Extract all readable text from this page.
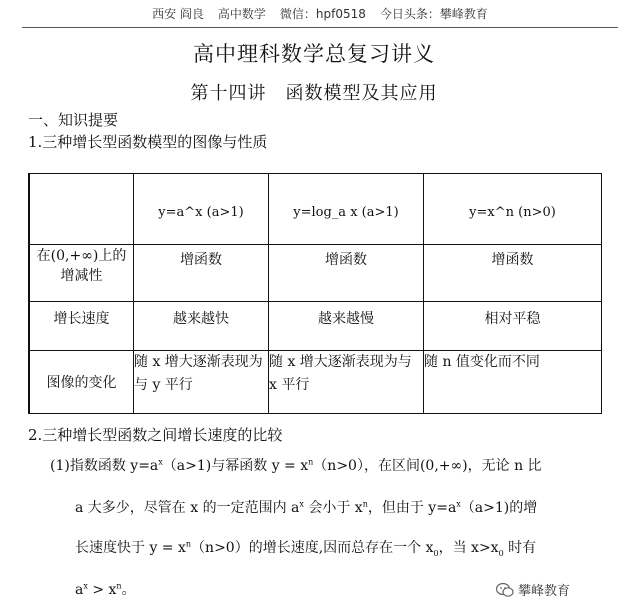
西安 阎良 高中数学 微信：hpf0518 今日头条：攀峰教育
高中理科数学总复习讲义
第十四讲　函数模型及其应用
一、知识提要
1.三种增长型函数模型的图像与性质
	y=a^x (a>1)	y=log_a x (a>1)	y=x^n (n>0)
在(0,+∞)上的增减性	增函数	增函数	增函数
增长速度	越来越快	越来越慢	相对平稳
图像的变化	随 x 增大逐渐表现为与 y 平行	随 x 增大逐渐表现为与 x 平行	随 n 值变化而不同
2.三种增长型函数之间增长速度的比较
(1)指数函数 $y=a^x(a>1)$与幂函数 $y = x^n(n>0)$，在区间(0,+∞)，无论 n 比
a 大多少，尽管在 x 的一定范围内 $a^x$ 会小于 $x^n$，但由于 $y=a^x(a>1)$的增
长速度快于 $y = x^n(n>0)$的增长速度,因而总存在一个 $x_0$，当 $x>x_0$ 时有
$a^x > x^n$。	攀峰教育
